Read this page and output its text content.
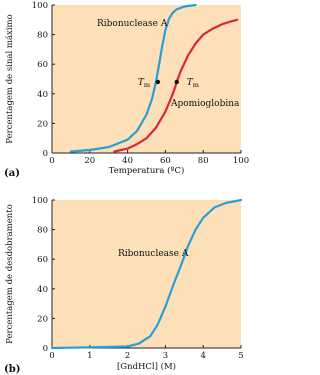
0	20	40	60	80	100
0
20
40
60
80
100
Temperatura (ºC)
Percentagem de sinal máximo
(a)
Ribonuclease A
Apomioglobina
$T_m$	$T_m$
0	1	2	3	4	5
0
20
40
60
80
100
[GndHCl] (M)
Percentagem de desdobramento
(b)
Ribonuclease A
